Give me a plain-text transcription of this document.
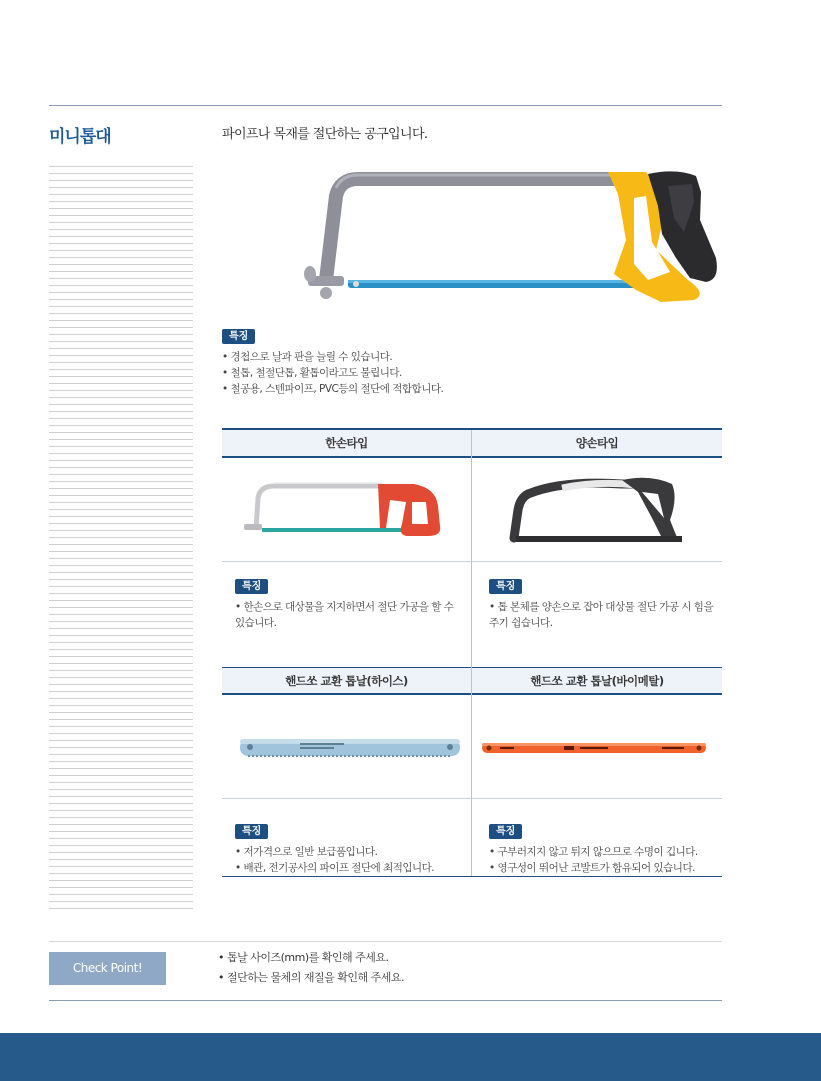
미니톱대	파이프나 목재를 절단하는 공구입니다.
특징
• 경첩으로 날과 판을 늘릴 수 있습니다.
• 철톱, 철절단톱, 활톱이라고도 불립니다.
• 철공용, 스텐파이프, PVC등의 절단에 적합합니다.
한손타입
특징
• 한손으로 대상물을 지지하면서 절단 가공을 할 수 있습니다.
핸드쏘 교환 톱날(하이스)
특징
• 저가격으로 일반 보급품입니다.
• 배관, 전기공사의 파이프 절단에 최적입니다.
양손타입
특징
• 톱 본체를 양손으로 잡아 대상물 절단 가공 시 힘을 주기 쉽습니다.
핸드쏘 교환 톱날(바이메탈)
특징
• 구부러지지 않고 튀지 않으므로 수명이 깁니다.
• 영구성이 뛰어난 코발트가 함유되어 있습니다.
Check Point!
• 톱날 사이즈(mm)를 확인해 주세요.
• 절단하는 물체의 재질을 확인해 주세요.
